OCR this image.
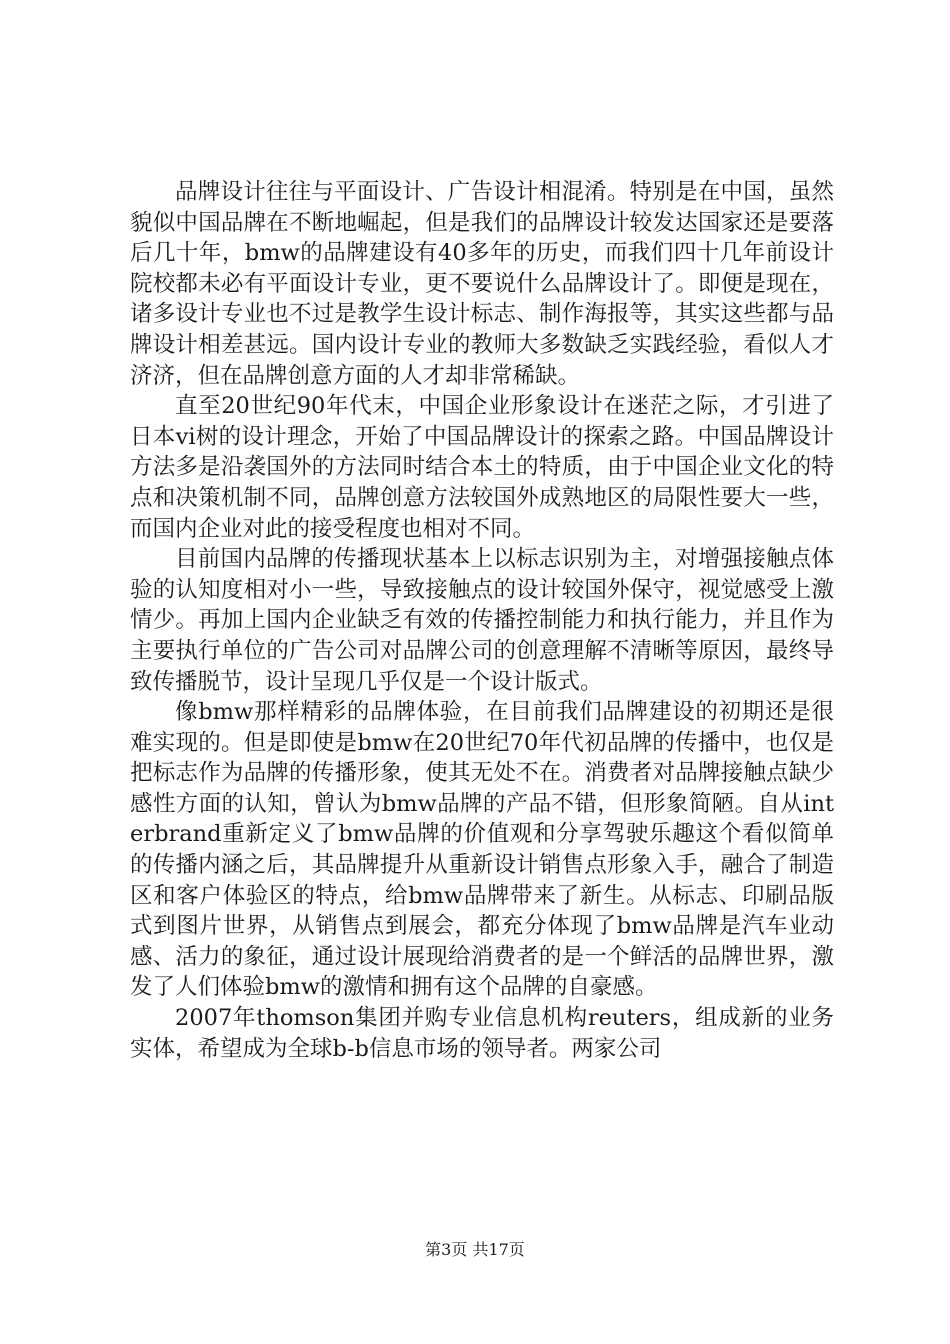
品牌设计往往与平面设计、广告设计相混淆。特别是在中国，虽然貌似中国品牌在不断地崛起，但是我们的品牌设计较发达国家还是要落后几十年，bmw的品牌建设有40多年的历史，而我们四十几年前设计院校都未必有平面设计专业，更不要说什么品牌设计了。即便是现在，诸多设计专业也不过是教学生设计标志、制作海报等，其实这些都与品牌设计相差甚远。国内设计专业的教师大多数缺乏实践经验，看似人才济济，但在品牌创意方面的人才却非常稀缺。

直至20世纪90年代末，中国企业形象设计在迷茫之际，才引进了日本vi树的设计理念，开始了中国品牌设计的探索之路。中国品牌设计方法多是沿袭国外的方法同时结合本土的特质，由于中国企业文化的特点和决策机制不同，品牌创意方法较国外成熟地区的局限性要大一些，而国内企业对此的接受程度也相对不同。

目前国内品牌的传播现状基本上以标志识别为主，对增强接触点体验的认知度相对小一些，导致接触点的设计较国外保守，视觉感受上激情少。再加上国内企业缺乏有效的传播控制能力和执行能力，并且作为主要执行单位的广告公司对品牌公司的创意理解不清晰等原因，最终导致传播脱节，设计呈现几乎仅是一个设计版式。

像bmw那样精彩的品牌体验，在目前我们品牌建设的初期还是很难实现的。但是即使是bmw在20世纪70年代初品牌的传播中，也仅是把标志作为品牌的传播形象，使其无处不在。消费者对品牌接触点缺少感性方面的认知，曾认为bmw品牌的产品不错，但形象简陋。自从interbrand重新定义了bmw品牌的价值观和分享驾驶乐趣这个看似简单的传播内涵之后，其品牌提升从重新设计销售点形象入手，融合了制造区和客户体验区的特点，给bmw品牌带来了新生。从标志、印刷品版式到图片世界，从销售点到展会，都充分体现了bmw品牌是汽车业动感、活力的象征，通过设计展现给消费者的是一个鲜活的品牌世界，激发了人们体验bmw的激情和拥有这个品牌的自豪感。

2007年thomson集团并购专业信息机构reuters，组成新的业务实体，希望成为全球b-b信息市场的领导者。两家公司

第3页 共17页
